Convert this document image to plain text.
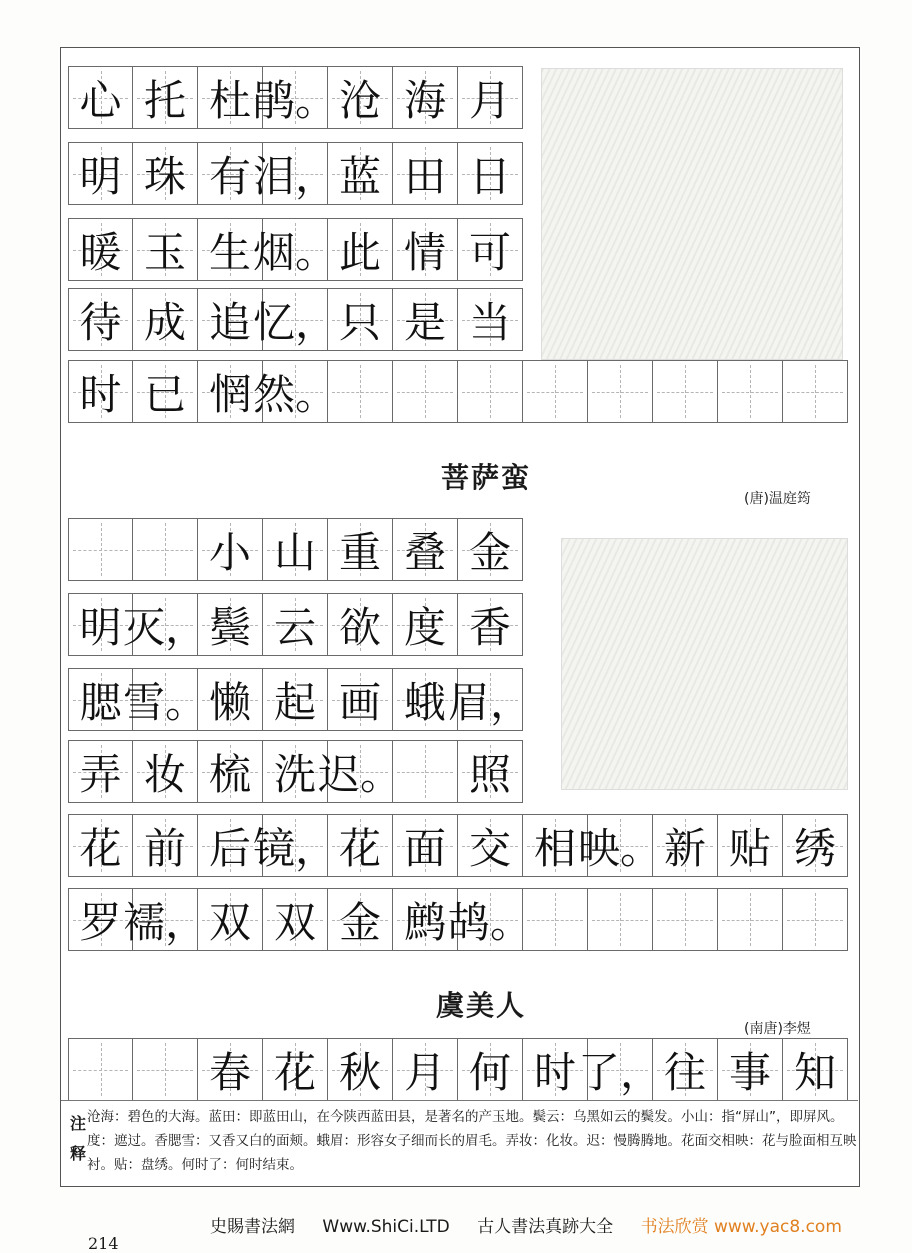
心 托 杜 鹃。 沧 海 月
明 珠 有 泪， 蓝 田 日
暖 玉 生 烟。 此 情 可
待 成 追 忆， 只 是 当
时 已 惘 然。
菩萨蛮
(唐)温庭筠
小 山 重 叠 金
明 灭， 鬓 云 欲 度 香
腮 雪。 懒 起 画 蛾 眉，
弄 妆 梳 洗 迟。 照
花 前 后 镜， 花 面 交 相 映。 新 贴 绣
罗 襦， 双 双 金 鹧 鸪。
虞美人
(南唐)李煜
春 花 秋 月 何 时 了， 往 事 知
注释
沧海：碧色的大海。蓝田：即蓝田山，在今陕西蓝田县，是著名的产玉地。鬓云：乌黑如云的鬓发。小山：指“屏山”，即屏风。度：遮过。香腮雪：又香又白的面颊。蛾眉：形容女子细而长的眉毛。弄妆：化妆。迟：慢腾腾地。花面交相映：花与脸面相互映衬。贴：盘绣。何时了：何时结束。
史賜書法網 Www.ShiCi.LTD 古人書法真跡大全 书法欣赏 www.yac8.com
214
